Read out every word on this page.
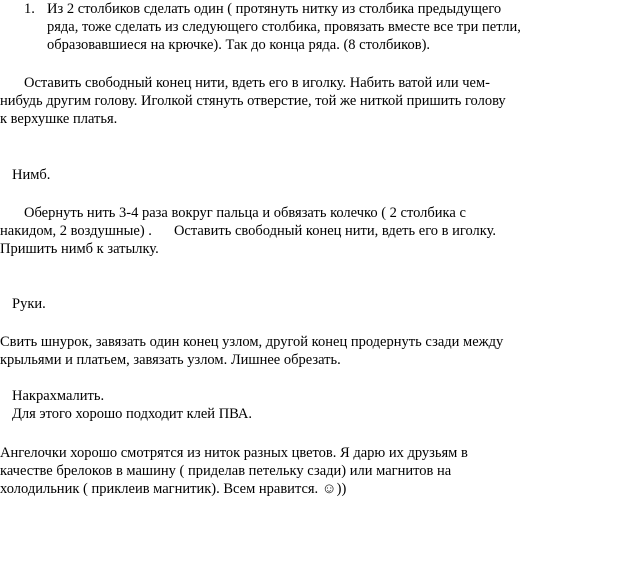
1. Из 2 столбиков сделать один ( протянуть нитку из столбика предыдущего
ряда, тоже сделать из следующего столбика, провязать вместе все три петли,
образовавшиеся на крючке). Так до конца ряда. (8 столбиков).
Оставить свободный конец нити, вдеть его в иголку. Набить ватой или чем-
нибудь другим голову. Иголкой стянуть отверстие, той же ниткой пришить голову
к верхушке платья.
Нимб.
Обернуть нить 3-4 раза вокруг пальца и обвязать колечко ( 2 столбика с
накидом, 2 воздушные) . Оставить свободный конец нити, вдеть его в иголку.
Пришить нимб к затылку.
Руки.
Свить шнурок, завязать один конец узлом, другой конец продернуть сзади между
крыльями и платьем, завязать узлом. Лишнее обрезать.
Накрахмалить.
Для этого хорошо подходит клей ПВА.
Ангелочки хорошо смотрятся из ниток разных цветов. Я дарю их друзьям в
качестве брелоков в машину ( приделав петельку сзади) или магнитов на
холодильник ( приклеив магнитик). Всем нравится. ☺))
